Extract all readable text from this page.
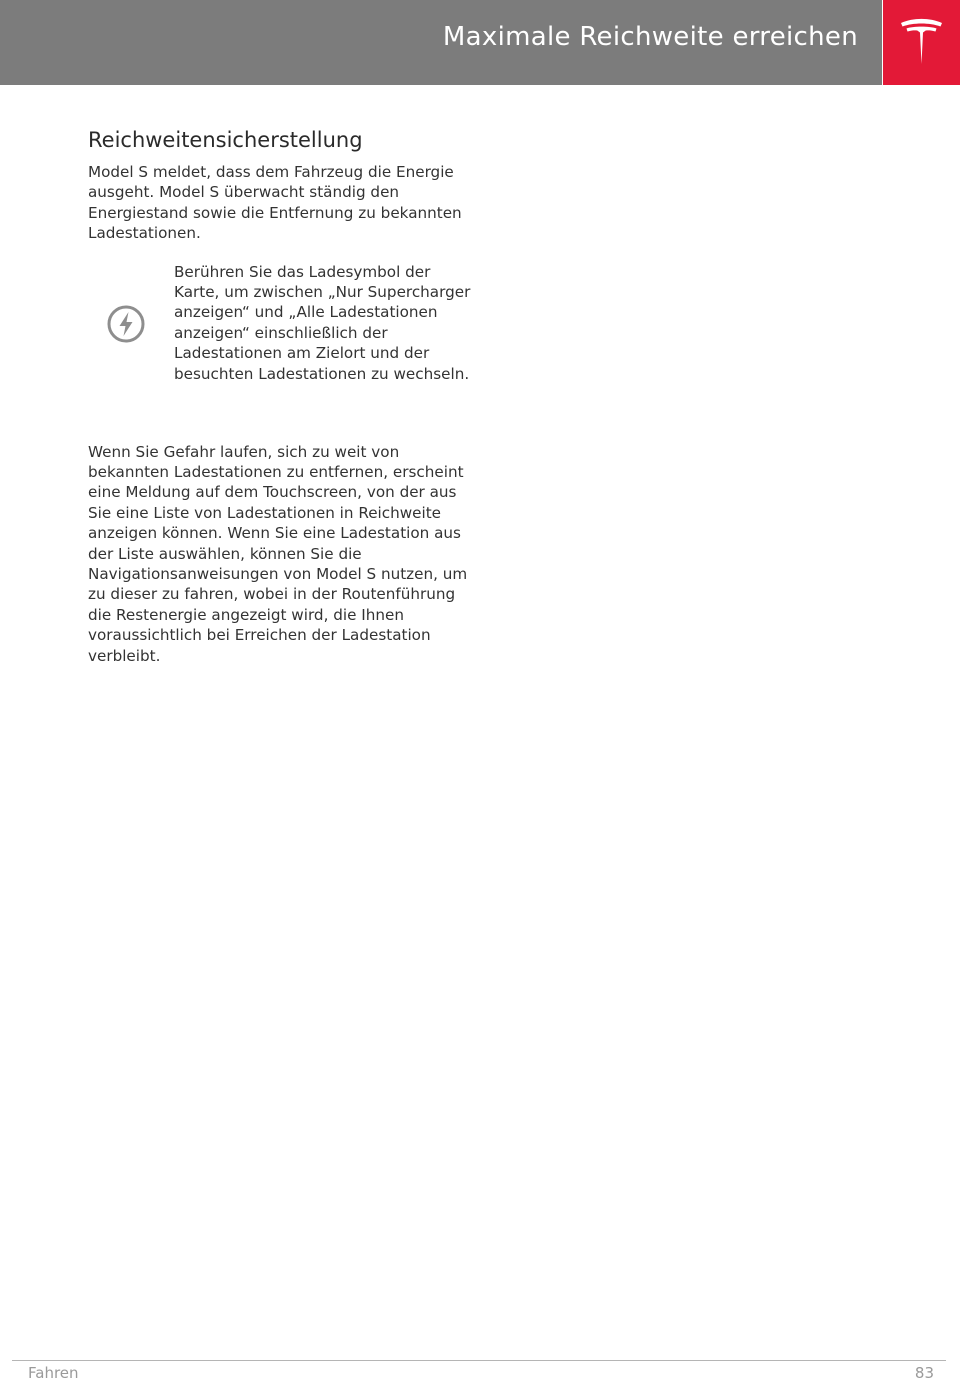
Maximale Reichweite erreichen
Reichweitensicherstellung

Model S meldet, dass dem Fahrzeug die Energie ausgeht. Model S überwacht ständig den Energiestand sowie die Entfernung zu bekannten Ladestationen.

Berühren Sie das Ladesymbol der Karte, um zwischen „Nur Supercharger anzeigen“ und „Alle Ladestationen anzeigen“ einschließlich der Ladestationen am Zielort und der besuchten Ladestationen zu wechseln.

Wenn Sie Gefahr laufen, sich zu weit von bekannten Ladestationen zu entfernen, erscheint eine Meldung auf dem Touchscreen, von der aus Sie eine Liste von Ladestationen in Reichweite anzeigen können. Wenn Sie eine Ladestation aus der Liste auswählen, können Sie die Navigationsanweisungen von Model S nutzen, um zu dieser zu fahren, wobei in der Routenführung die Restenergie angezeigt wird, die Ihnen voraussichtlich bei Erreichen der Ladestation verbleibt.

Fahren	83
